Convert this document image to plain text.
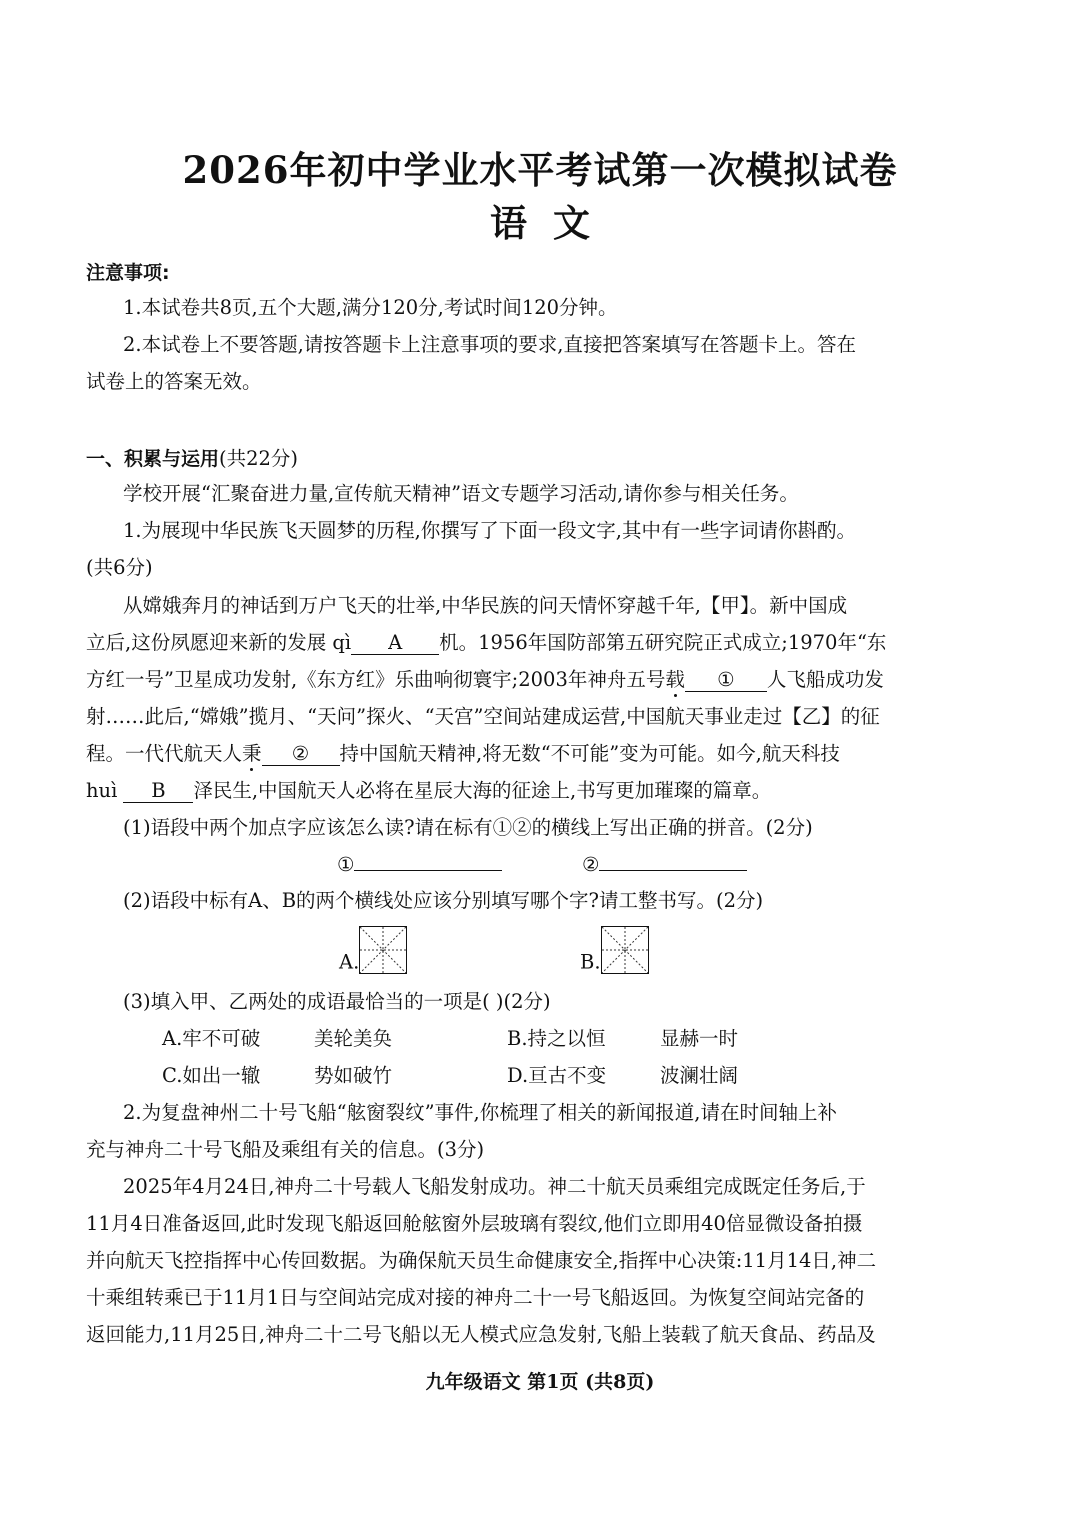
2026年初中学业水平考试第一次模拟试卷
语文
注意事项:
1.本试卷共8页,五个大题,满分120分,考试时间120分钟。
2.本试卷上不要答题,请按答题卡上注意事项的要求,直接把答案填写在答题卡上。答在
试卷上的答案无效。
一、积累与运用(共22分)
学校开展“汇聚奋进力量,宣传航天精神”语文专题学习活动,请你参与相关任务。
1.为展现中华民族飞天圆梦的历程,你撰写了下面一段文字,其中有一些字词请你斟酌。
(共6分)
从嫦娥奔月的神话到万户飞天的壮举,中华民族的问天情怀穿越千年,【甲】。新中国成
立后,这份夙愿迎来新的发展 qì A 机。1956年国防部第五研究院正式成立;1970年“东
方红一号”卫星成功发射,《东方红》乐曲响彻寰宇;2003年神舟五号载 ① 人飞船成功发
射……此后,“嫦娥”揽月、“天问”探火、“天宫”空间站建成运营,中国航天事业走过【乙】的征
程。一代代航天人秉 ② 持中国航天精神,将无数“不可能”变为可能。如今,航天科技
huì B 泽民生,中国航天人必将在星辰大海的征途上,书写更加璀璨的篇章。
(1)语段中两个加点字应该怎么读?请在标有①②的横线上写出正确的拼音。(2分)
①	②
(2)语段中标有A、B的两个横线处应该分别填写哪个字?请工整书写。(2分)
A.	B.
(3)填入甲、乙两处的成语最恰当的一项是( )(2分)
A.牢不可破	美轮美奂	B.持之以恒	显赫一时
C.如出一辙	势如破竹	D.亘古不变	波澜壮阔
2.为复盘神州二十号飞船“舷窗裂纹”事件,你梳理了相关的新闻报道,请在时间轴上补
充与神舟二十号飞船及乘组有关的信息。(3分)
2025年4月24日,神舟二十号载人飞船发射成功。神二十航天员乘组完成既定任务后,于
11月4日准备返回,此时发现飞船返回舱舷窗外层玻璃有裂纹,他们立即用40倍显微设备拍摄
并向航天飞控指挥中心传回数据。为确保航天员生命健康安全,指挥中心决策:11月14日,神二
十乘组转乘已于11月1日与空间站完成对接的神舟二十一号飞船返回。为恢复空间站完备的
返回能力,11月25日,神舟二十二号飞船以无人模式应急发射,飞船上装载了航天食品、药品及
九年级语文 第1页 (共8页)
